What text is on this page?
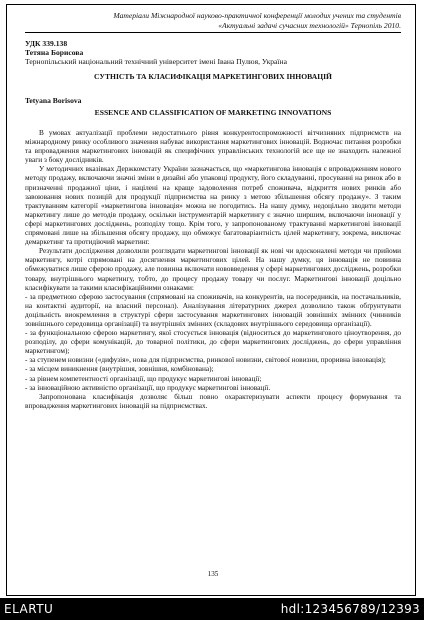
Матеріали Міжнародної науково-практичної конференції молодих учених та студентів
«Актуальні задачі сучасних технологій» Тернопіль 2010.
УДК 339.138
Тетяна Борисова
Тернопільський національний технічний університет імені Івана Пулюя, Україна
СУТНІСТЬ ТА КЛАСИФІКАЦІЯ МАРКЕТИНГОВИХ ІННОВАЦІЙ
Tetyana Borisova
ESSENCE AND CLASSIFICATION OF MARKETING INNOVATIONS

В умовах актуалізації проблеми недостатнього рівня конкурентоспроможності вітчизняних підприємств на міжнародному ринку особливого значення набуває використання маркетингових інновацій. Водночас питання розробки та впровадження маркетингових інновацій як специфічних управлінських технологій все ще не знаходить належної уваги з боку дослідників.

У методичних вказівках Держкомстату України зазначається, що «маркетингова інновація є впровадженням нового методу продажу, включаючи значні зміни в дизайні або упаковці продукту, його складуванні, просуванні на ринок або в призначенні продажної ціни, і націлені на краще задоволення потреб споживача, відкриття нових ринків або завоювання нових позицій для продукції підприємства на ринку з метою збільшення обсягу продажу». З таким трактуванням категорії «маркетингова інновація» можна не погодитись. На нашу думку, недоцільно зводити методи маркетингу лише до методів продажу, оскільки інструментарій маркетингу є значно ширшим, включаючи інновації у сфері маркетингових досліджень, розподілу тощо. Крім того, у запропонованому трактуванні маркетингові інновації спрямовані лише на збільшення обсягу продажу, що обмежує багатоваріантність цілей маркетингу, зокрема, виключає демаркетинг та протидіючий маркетинг.

Результати дослідження дозволили розглядати маркетингові інновації як нові чи вдосконалені методи чи прийоми маркетингу, котрі спрямовані на досягнення маркетингових цілей. На нашу думку, ця інновація не повинна обмежуватися лише сферою продажу, але повинна включати нововведення у сфері маркетингових досліджень, розробки товару, внутрішнього маркетингу, тобто, до процесу продажу товару чи послуг. Маркетингові інновації доцільно класифікувати за такими класифікаційними ознаками:

- за предметною сферою застосування (спрямовані на споживачів, на конкурентів, на посередників, на постачальників, на контактні аудиторії, на власний персонал). Аналізування літературних джерел дозволило також обґрунтувати доцільність виокремлення в структурі сфери застосування маркетингових інновацій зовнішніх змінних (чинників зовнішнього середовища організації) та внутрішніх змінних (складових внутрішнього середовища організації).

- за функціональною сферою маркетингу, якої стосується інновація (відноситься до маркетингового ціноутворення, до розподілу, до сфери комунікацій, до товарної політики, до сфери маркетингових досліджень, до сфери управління маркетингом);

- за ступенем новизни («дифузія», нова для підприємства, ринкової новизни, світової новизни, проривна інновація);

- за місцем виникнення (внутрішня, зовнішня, комбінована);

- за рівнем компетентності організації, що продукує маркетингові інновації;

- за інноваційною активністю організації, що продукує маркетингові інновації.

Запропонована класифікація дозволяє більш повно охарактеризувати аспекти процесу формування та впровадження маркетингових інновацій на підприємствах.

135
ELARTU	hdl:123456789/12393
